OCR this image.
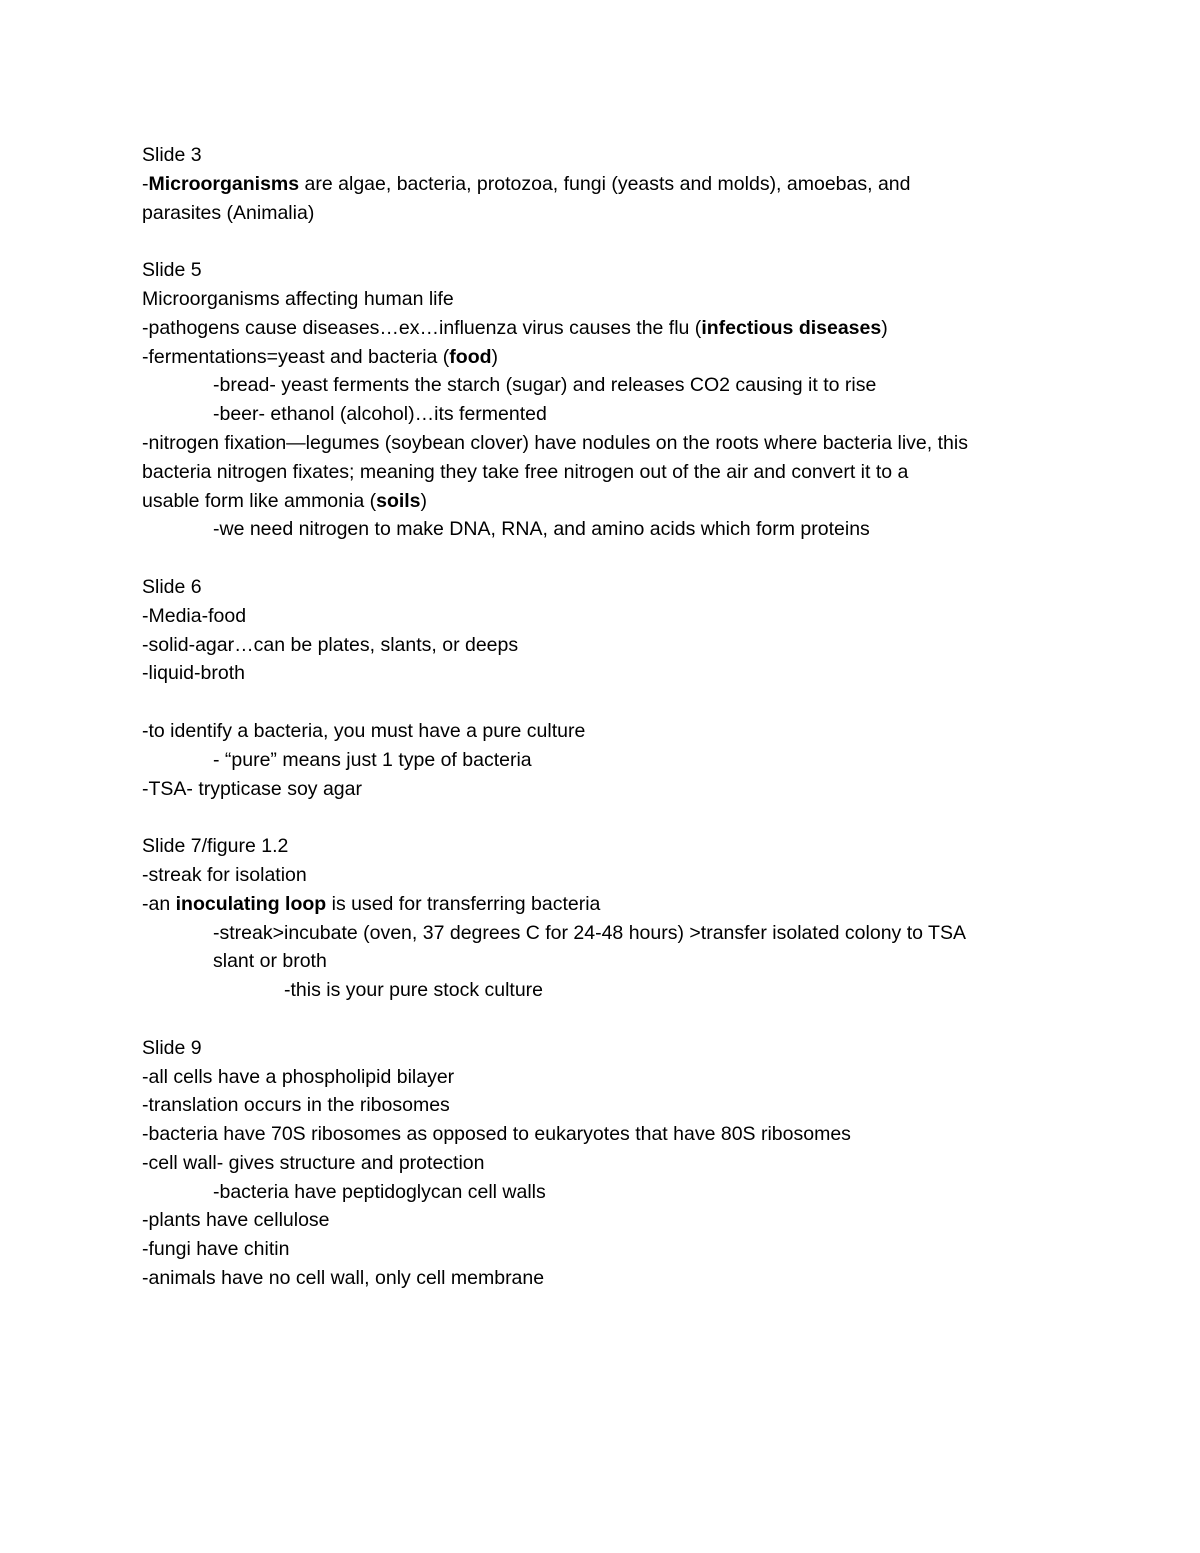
Slide 3
-Microorganisms are algae, bacteria, protozoa, fungi (yeasts and molds), amoebas, and
parasites (Animalia)
Slide 5
Microorganisms affecting human life
-pathogens cause diseases…ex…influenza virus causes the flu (infectious diseases)
-fermentations=yeast and bacteria (food)
-bread- yeast ferments the starch (sugar) and releases CO2 causing it to rise
-beer- ethanol (alcohol)…its fermented
-nitrogen fixation—legumes (soybean clover) have nodules on the roots where bacteria live, this
bacteria nitrogen fixates; meaning they take free nitrogen out of the air and convert it to a
usable form like ammonia (soils)
-we need nitrogen to make DNA, RNA, and amino acids which form proteins
Slide 6
-Media-food
-solid-agar…can be plates, slants, or deeps
-liquid-broth
-to identify a bacteria, you must have a pure culture
- “pure” means just 1 type of bacteria
-TSA- trypticase soy agar
Slide 7/figure 1.2
-streak for isolation
-an inoculating loop is used for transferring bacteria
-streak>incubate (oven, 37 degrees C for 24-48 hours) >transfer isolated colony to TSA
slant or broth
-this is your pure stock culture
Slide 9
-all cells have a phospholipid bilayer
-translation occurs in the ribosomes
-bacteria have 70S ribosomes as opposed to eukaryotes that have 80S ribosomes
-cell wall- gives structure and protection
-bacteria have peptidoglycan cell walls
-plants have cellulose
-fungi have chitin
-animals have no cell wall, only cell membrane
